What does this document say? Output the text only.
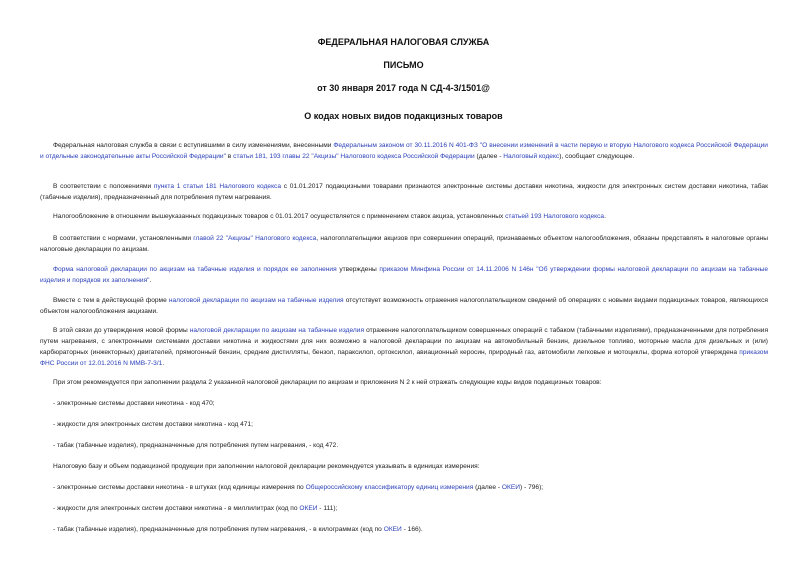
ФЕДЕРАЛЬНАЯ НАЛОГОВАЯ СЛУЖБА
ПИСЬМО
от 30 января 2017 года N СД-4-3/1501@
О кодах новых видов подакцизных товаров

Федеральная налоговая служба в связи с вступившими в силу изменениями, внесенными Федеральным законом от 30.11.2016 N 401-ФЗ "О внесении изменений в части первую и вторую Налогового кодекса Российской Федерации и отдельные законодательные акты Российской Федерации" в статьи 181, 193 главы 22 "Акцизы" Налогового кодекса Российской Федерации (далее - Налоговый кодекс), сообщает следующее.

В соответствии с положениями пункта 1 статьи 181 Налогового кодекса с 01.01.2017 подакцизными товарами признаются электронные системы доставки никотина, жидкости для электронных систем доставки никотина, табак (табачные изделия), предназначенный для потребления путем нагревания.

Налогообложение в отношении вышеуказанных подакцизных товаров с 01.01.2017 осуществляется с применением ставок акциза, установленных статьей 193 Налогового кодекса.

В соответствии с нормами, установленными главой 22 "Акцизы" Налогового кодекса, налогоплательщики акцизов при совершении операций, признаваемых объектом налогообложения, обязаны представлять в налоговые органы налоговые декларации по акцизам.

Форма налоговой декларации по акцизам на табачные изделия и порядок ее заполнения утверждены приказом Минфина России от 14.11.2006 N 146н "Об утверждении формы налоговой декларации по акцизам на табачные изделия и порядков их заполнения".

Вместе с тем в действующей форме налоговой декларации по акцизам на табачные изделия отсутствует возможность отражения налогоплательщиком сведений об операциях с новыми видами подакцизных товаров, являющихся объектом налогообложения акцизами.

В этой связи до утверждения новой формы налоговой декларации по акцизам на табачные изделия отражение налогоплательщиком совершенных операций с табаком (табачными изделиями), предназначенными для потребления путем нагревания, с электронными системами доставки никотина и жидкостями для них возможно в налоговой декларации по акцизам на автомобильный бензин, дизельное топливо, моторные масла для дизельных и (или) карбюраторных (инжекторных) двигателей, прямогонный бензин, средние дистилляты, бензол, параксилол, ортоксилол, авиационный керосин, природный газ, автомобили легковые и мотоциклы, форма которой утверждена приказом ФНС России от 12.01.2016 N ММВ-7-3/1.

При этом рекомендуется при заполнении раздела 2 указанной налоговой декларации по акцизам и приложения N 2 к ней отражать следующие коды видов подакцизных товаров:

- электронные системы доставки никотина - код 470;

- жидкости для электронных систем доставки никотина - код 471;

- табак (табачные изделия), предназначенные для потребления путем нагревания, - код 472.

Налоговую базу и объем подакцизной продукции при заполнении налоговой декларации рекомендуется указывать в единицах измерения:

- электронные системы доставки никотина - в штуках (код единицы измерения по Общероссийскому классификатору единиц измерения (далее - ОКЕИ) - 796);

- жидкости для электронных систем доставки никотина - в миллилитрах (код по ОКЕИ - 111);

- табак (табачные изделия), предназначенные для потребления путем нагревания, - в килограммах (код по ОКЕИ - 166).
